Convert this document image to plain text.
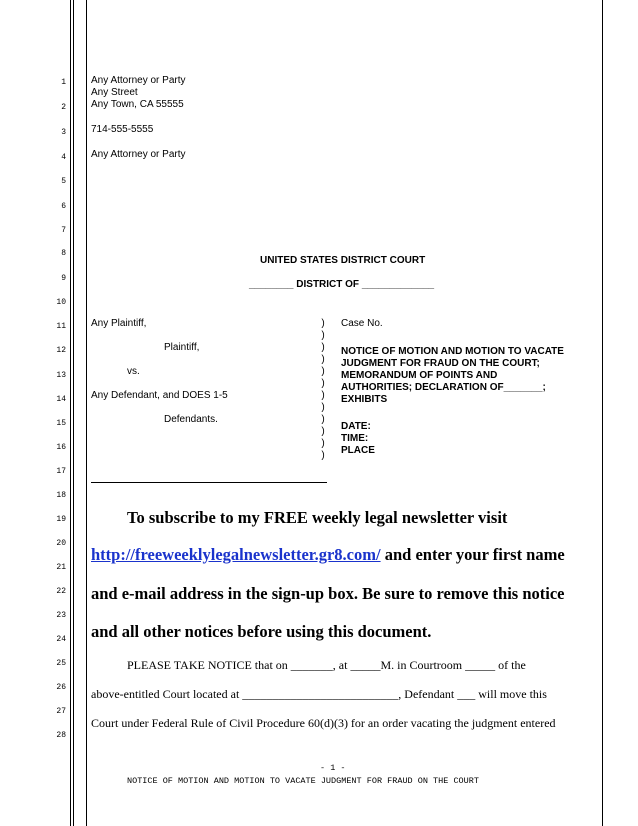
1
2
3
4
5
6
7
8
9
10
11
12
13
14
15
16
17
18
19
20
21
22
23
24
25
26
27
28
Any Attorney or Party
Any Street
Any Town, CA 55555
714-555-5555
Any Attorney or Party
UNITED STATES DISTRICT COURT
________ DISTRICT OF _____________
Any Plaintiff,
Plaintiff,
vs.
Any Defendant, and DOES 1-5
Defendants.
)
)
)
)
)
)
)
)
)
)
)
)
Case No.
NOTICE OF MOTION AND MOTION TO VACATE
JUDGMENT FOR FRAUD ON THE COURT;
MEMORANDUM OF POINTS AND
AUTHORITIES; DECLARATION OF_______;
EXHIBITS
DATE:
TIME:
PLACE
To subscribe to my FREE weekly legal newsletter visit
http://freeweeklylegalnewsletter.gr8.com/ and enter your first name
and e-mail address in the sign-up box. Be sure to remove this notice
and all other notices before using this document.
PLEASE TAKE NOTICE that on _______, at _____M. in Courtroom _____ of the
above-entitled Court located at __________________________, Defendant ___ will move this
Court under Federal Rule of Civil Procedure 60(d)(3) for an order vacating the judgment entered
- 1 -
NOTICE OF MOTION AND MOTION TO VACATE JUDGMENT FOR FRAUD ON THE COURT
